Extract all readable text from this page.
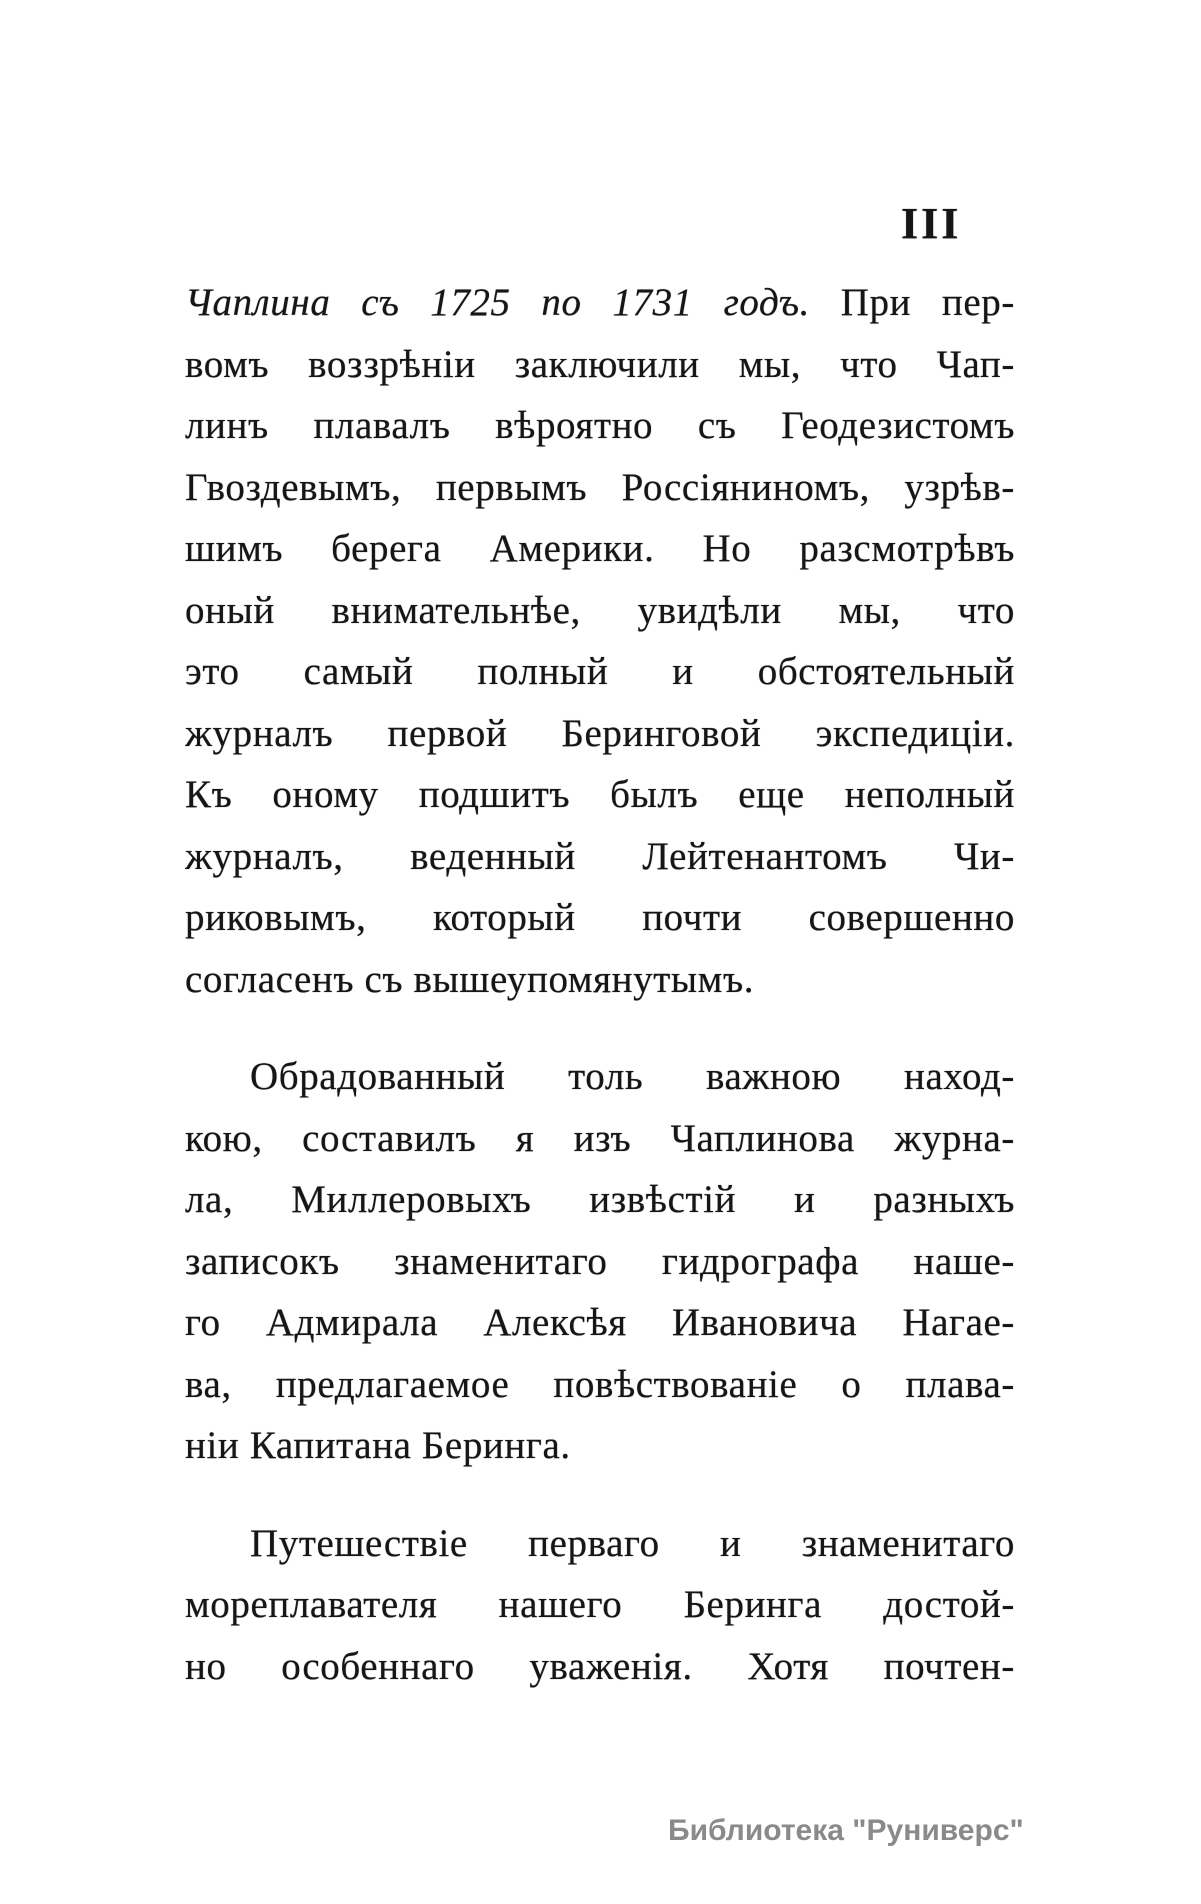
III
Чаплина съ 1725 по 1731 годъ. При пер-
вомъ воззрѣніи заключили мы, что Чап-
линъ плавалъ вѣроятно съ Геодезистомъ
Гвоздевымъ, первымъ Россіяниномъ, узрѣв-
шимъ берега Америки. Но разсмотрѣвъ
оный внимательнѣе, увидѣли мы, что
это самый полный и обстоятельный
журналъ первой Беринговой экспедиціи.
Къ оному подшитъ былъ еще неполный
журналъ, веденный Лейтенантомъ Чи-
риковымъ, который почти совершенно
согласенъ съ вышеупомянутымъ.
Обрадованный толь важною наход-
кою, составилъ я изъ Чаплинова журна-
ла, Миллеровыхъ извѣстій и разныхъ
записокъ знаменитаго гидрографа наше-
го Адмирала Алексѣя Ивановича Нагае-
ва, предлагаемое повѣствованіе о плава-
ніи Капитана Беринга.
Путешествіе перваго и знаменитаго
мореплавателя нашего Беринга достой-
но особеннаго уваженія. Хотя почтен-
Библиотека "Руниверс"
